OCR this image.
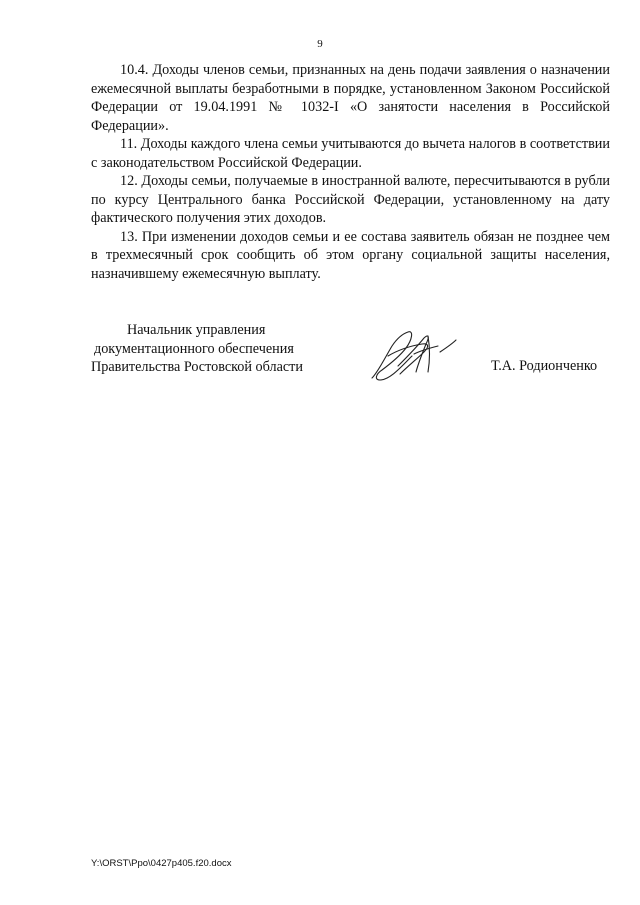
9

10.4. Доходы членов семьи, признанных на день подачи заявления о назначении ежемесячной выплаты безработными в порядке, установленном Законом Российской Федерации от 19.04.1991 № 1032-I «О занятости населения в Российской Федерации».

11. Доходы каждого члена семьи учитываются до вычета налогов в соответствии с законодательством Российской Федерации.

12. Доходы семьи, получаемые в иностранной валюте, пересчитываются в рубли по курсу Центрального банка Российской Федерации, установленному на дату фактического получения этих доходов.

13. При изменении доходов семьи и ее состава заявитель обязан не позднее чем в трехмесячный срок сообщить об этом органу социальной защиты населения, назначившему ежемесячную выплату.

Начальник управления
документационного обеспечения
Правительства Ростовской области	Т.А. Родионченко
Y:\ORST\Ppo\0427p405.f20.docx
